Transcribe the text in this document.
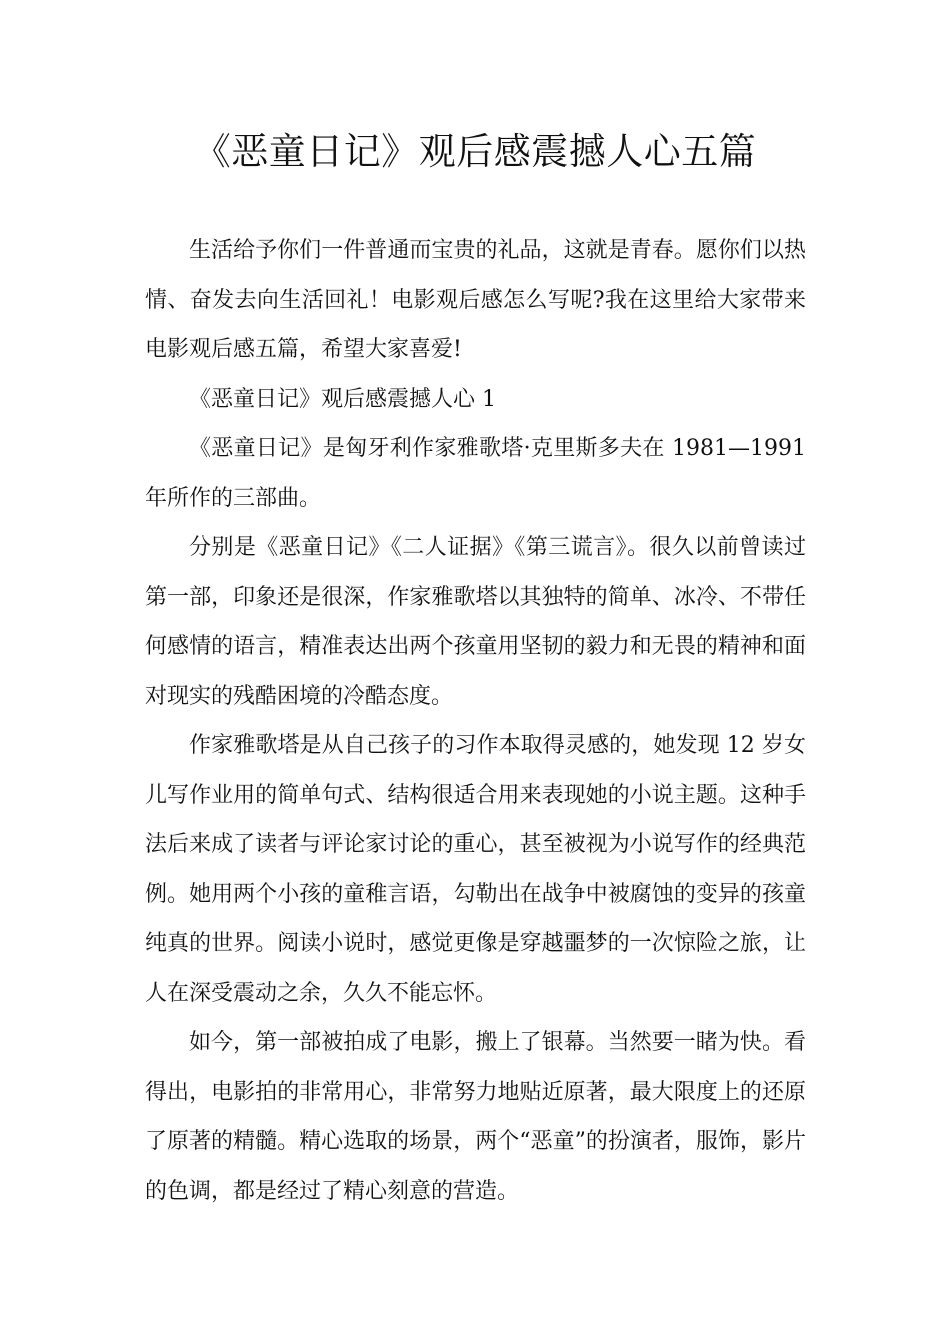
《恶童日记》观后感震撼人心五篇

生活给予你们一件普通而宝贵的礼品，这就是青春。愿你们以热情、奋发去向生活回礼！电影观后感怎么写呢?我在这里给大家带来电影观后感五篇，希望大家喜爱!

《恶童日记》观后感震撼人心 1

《恶童日记》是匈牙利作家雅歌塔·克里斯多夫在 1981—1991 年所作的三部曲。

分别是《恶童日记》《二人证据》《第三谎言》。很久以前曾读过第一部，印象还是很深，作家雅歌塔以其独特的简单、冰冷、不带任何感情的语言，精准表达出两个孩童用坚韧的毅力和无畏的精神和面对现实的残酷困境的冷酷态度。

作家雅歌塔是从自己孩子的习作本取得灵感的，她发现 12 岁女儿写作业用的简单句式、结构很适合用来表现她的小说主题。这种手法后来成了读者与评论家讨论的重心，甚至被视为小说写作的经典范例。她用两个小孩的童稚言语，勾勒出在战争中被腐蚀的变异的孩童纯真的世界。阅读小说时，感觉更像是穿越噩梦的一次惊险之旅，让人在深受震动之余，久久不能忘怀。

如今，第一部被拍成了电影，搬上了银幕。当然要一睹为快。看得出，电影拍的非常用心，非常努力地贴近原著，最大限度上的还原了原著的精髓。精心选取的场景，两个“恶童”的扮演者，服饰，影片的色调，都是经过了精心刻意的营造。
